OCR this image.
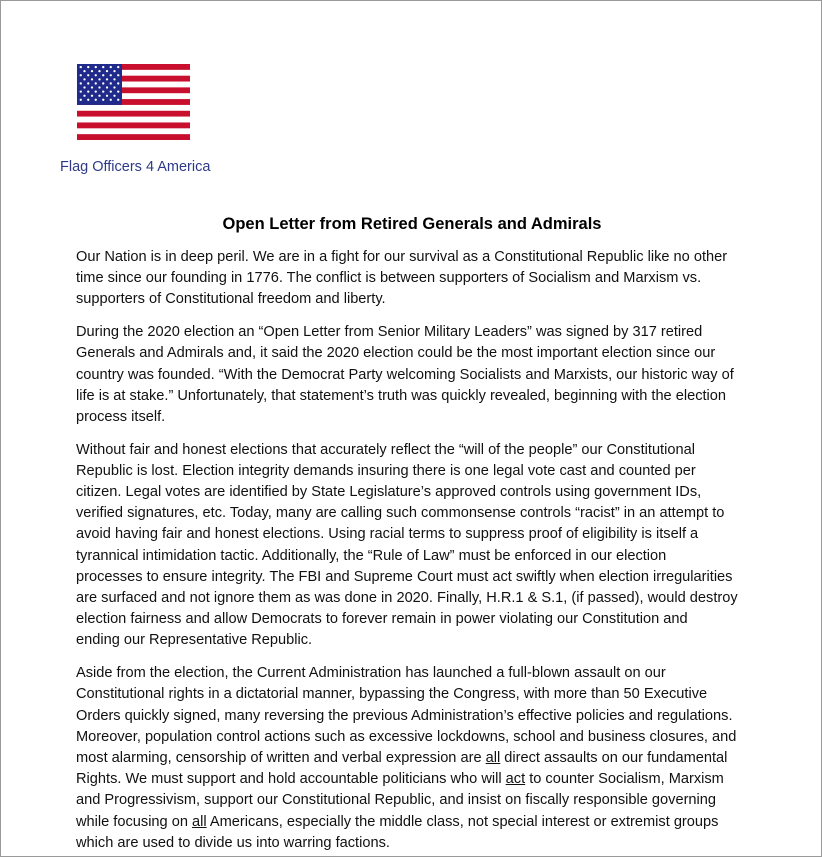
Flag Officers 4 America
Open Letter from Retired Generals and Admirals

Our Nation is in deep peril. We are in a fight for our survival as a Constitutional Republic like no other
time since our founding in 1776. The conflict is between supporters of Socialism and Marxism vs.
supporters of Constitutional freedom and liberty.

During the 2020 election an “Open Letter from Senior Military Leaders” was signed by 317 retired
Generals and Admirals and, it said the 2020 election could be the most important election since our
country was founded. “With the Democrat Party welcoming Socialists and Marxists, our historic way of
life is at stake.” Unfortunately, that statement’s truth was quickly revealed, beginning with the election
process itself.

Without fair and honest elections that accurately reflect the “will of the people” our Constitutional
Republic is lost. Election integrity demands insuring there is one legal vote cast and counted per
citizen. Legal votes are identified by State Legislature’s approved controls using government IDs,
verified signatures, etc. Today, many are calling such commonsense controls “racist” in an attempt to
avoid having fair and honest elections. Using racial terms to suppress proof of eligibility is itself a
tyrannical intimidation tactic. Additionally, the “Rule of Law” must be enforced in our election
processes to ensure integrity. The FBI and Supreme Court must act swiftly when election irregularities
are surfaced and not ignore them as was done in 2020. Finally, H.R.1 & S.1, (if passed), would destroy
election fairness and allow Democrats to forever remain in power violating our Constitution and
ending our Representative Republic.

Aside from the election, the Current Administration has launched a full-blown assault on our
Constitutional rights in a dictatorial manner, bypassing the Congress, with more than 50 Executive
Orders quickly signed, many reversing the previous Administration’s effective policies and regulations.
Moreover, population control actions such as excessive lockdowns, school and business closures, and
most alarming, censorship of written and verbal expression are all direct assaults on our fundamental
Rights. We must support and hold accountable politicians who will act to counter Socialism, Marxism
and Progressivism, support our Constitutional Republic, and insist on fiscally responsible governing
while focusing on all Americans, especially the middle class, not special interest or extremist groups
which are used to divide us into warring factions.
